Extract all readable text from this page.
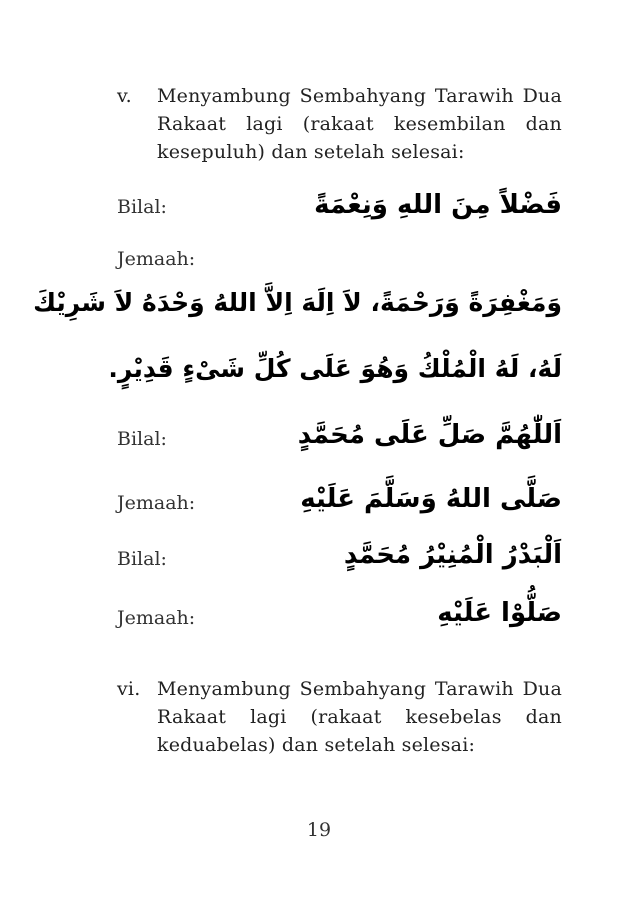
v.	Menyambung Sembahyang Tarawih Dua Rakaat lagi (rakaat kesembilan dan kesepuluh) dan setelah selesai:
Bilal:	فَضْلاً مِنَ اللهِ وَنِعْمَةً
Jemaah:
وَمَغْفِرَةً وَرَحْمَةً، لاَ اِلَهَ اِلاَّ اللهُ وَحْدَهُ لاَ شَرِيْكَ
لَهُ، لَهُ الْمُلْكُ وَهُوَ عَلَى كُلِّ شَىْءٍ قَدِيْرٍ.
Bilal:	اَللّٰهُمَّ صَلِّ عَلَى مُحَمَّدٍ
Jemaah:	صَلَّى اللهُ وَسَلَّمَ عَلَيْهِ
Bilal:	اَلْبَدْرُ الْمُنِيْرُ مُحَمَّدٍ
Jemaah:	صَلُّوْا عَلَيْهِ
vi. Menyambung Sembahyang Tarawih Dua Rakaat lagi (rakaat kesebelas dan keduabelas) dan setelah selesai:
19
